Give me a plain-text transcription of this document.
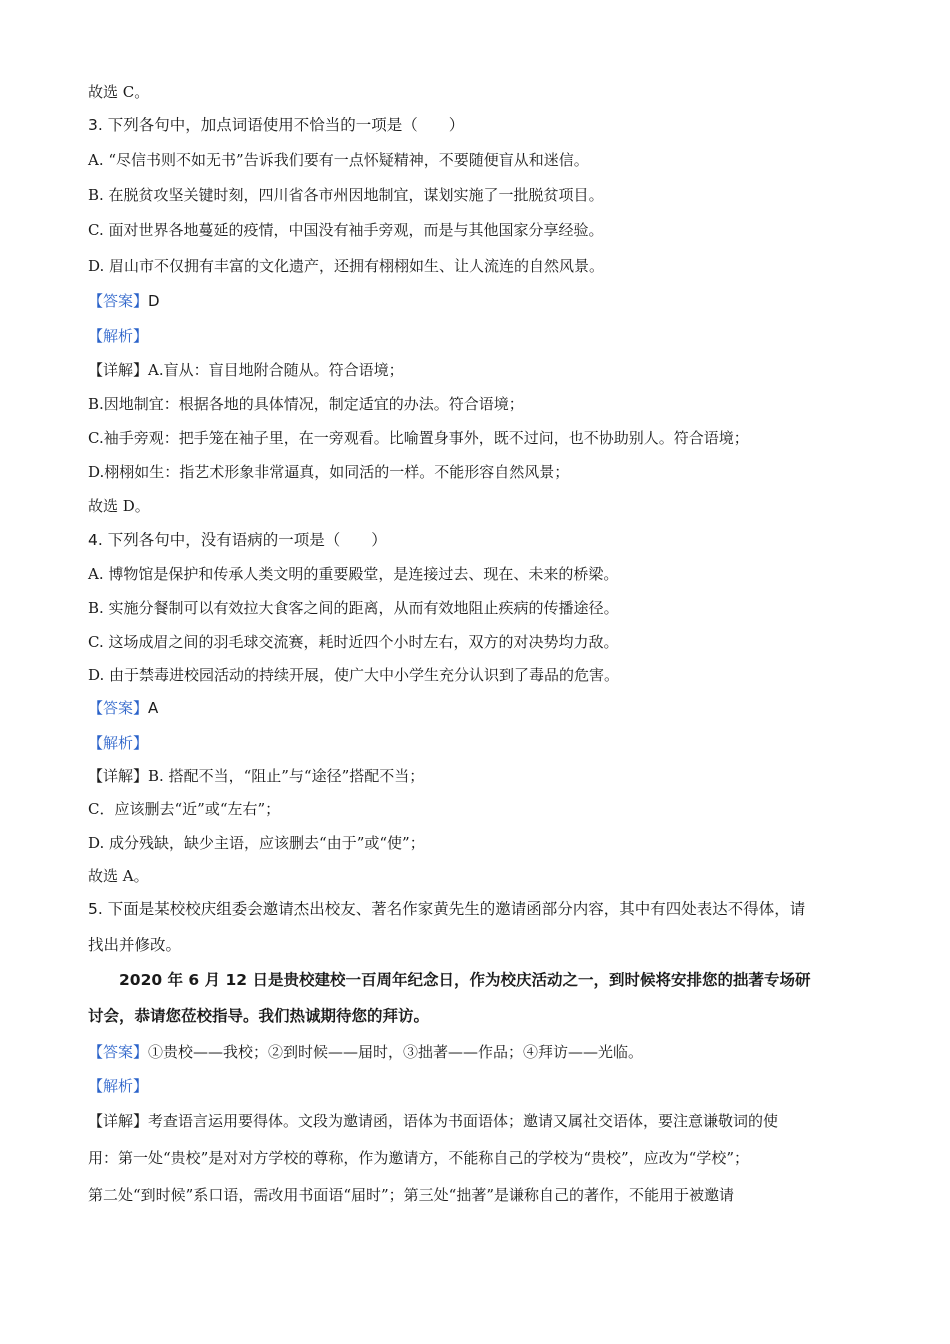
故选 C。
3. 下列各句中，加点词语使用不恰当的一项是（　　）
A. “尽信书则不如无书”告诉我们要有一点怀疑精神，不要随便盲从和迷信。
B. 在脱贫攻坚关键时刻，四川省各市州因地制宜，谋划实施了一批脱贫项目。
C. 面对世界各地蔓延的疫情，中国没有袖手旁观，而是与其他国家分享经验。
D. 眉山市不仅拥有丰富的文化遗产，还拥有栩栩如生、让人流连的自然风景。
【答案】D
【解析】
【详解】A.盲从：盲目地附合随从。符合语境；
B.因地制宜：根据各地的具体情况，制定适宜的办法。符合语境；
C.袖手旁观：把手笼在袖子里，在一旁观看。比喻置身事外，既不过问，也不协助别人。符合语境；
D.栩栩如生：指艺术形象非常逼真，如同活的一样。不能形容自然风景；
故选 D。
4. 下列各句中，没有语病的一项是（　　）
A. 博物馆是保护和传承人类文明的重要殿堂，是连接过去、现在、未来的桥梁。
B. 实施分餐制可以有效拉大食客之间的距离，从而有效地阻止疾病的传播途径。
C. 这场成眉之间的羽毛球交流赛，耗时近四个小时左右，双方的对决势均力敌。
D. 由于禁毒进校园活动的持续开展，使广大中小学生充分认识到了毒品的危害。
【答案】A
【解析】
【详解】B. 搭配不当，“阻止”与“途径”搭配不当；
C．应该删去“近”或“左右”；
D. 成分残缺，缺少主语，应该删去“由于”或“使”；
故选 A。
5. 下面是某校校庆组委会邀请杰出校友、著名作家黄先生的邀请函部分内容，其中有四处表达不得体，请
找出并修改。
2020 年 6 月 12 日是贵校建校一百周年纪念日，作为校庆活动之一，到时候将安排您的拙著专场研
讨会，恭请您莅校指导。我们热诚期待您的拜访。
【答案】①贵校——我校；②到时候——届时，③拙著——作品；④拜访——光临。
【解析】
【详解】考查语言运用要得体。文段为邀请函，语体为书面语体；邀请又属社交语体，要注意谦敬词的使
用：第一处“贵校”是对对方学校的尊称，作为邀请方，不能称自己的学校为“贵校”，应改为“学校”；
第二处“到时候”系口语，需改用书面语“届时”；第三处“拙著”是谦称自己的著作，不能用于被邀请
